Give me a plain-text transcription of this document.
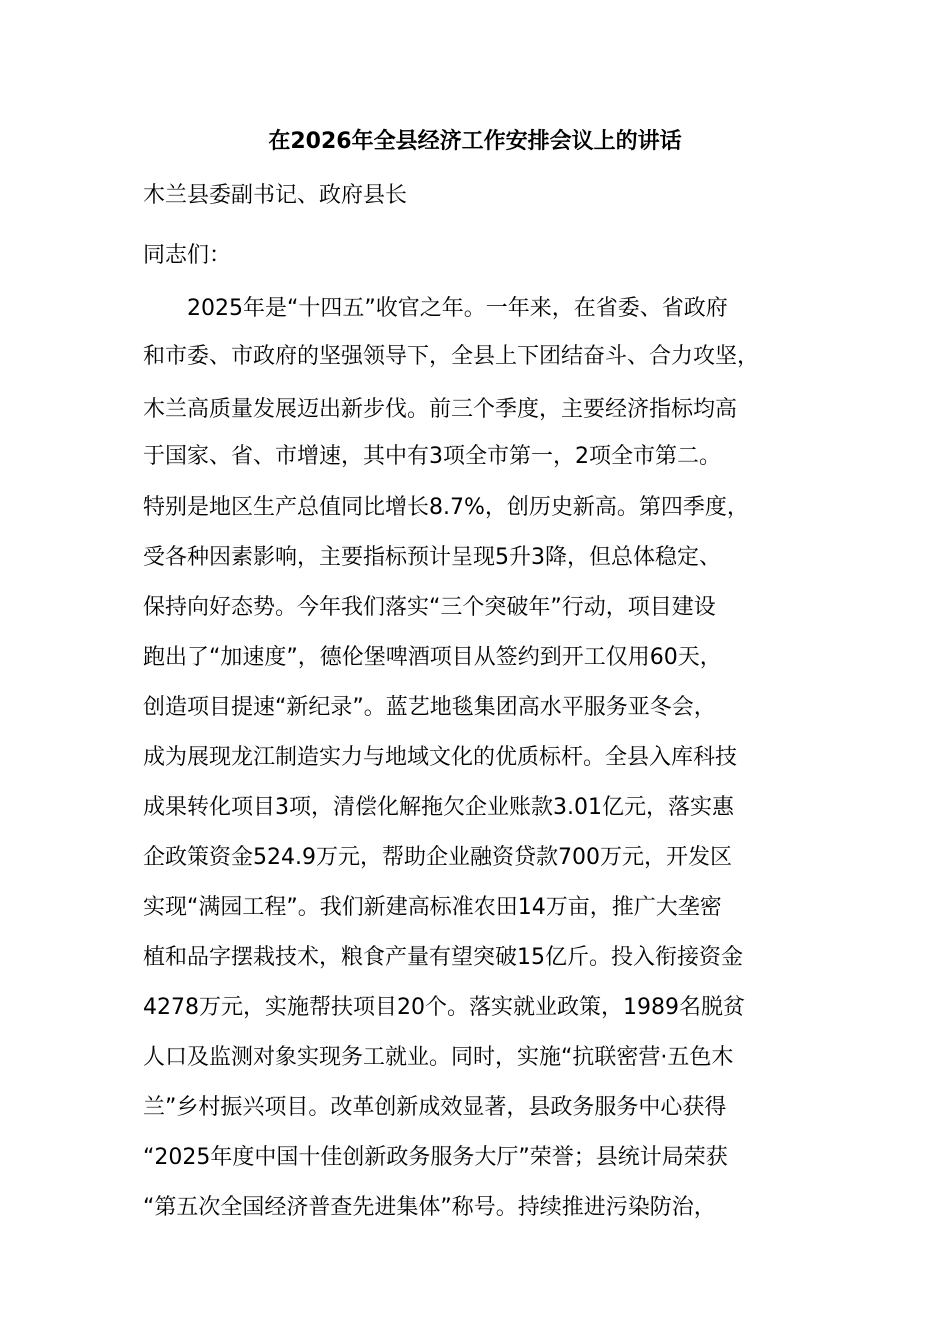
在2026年全县经济工作安排会议上的讲话
木兰县委副书记、政府县长
同志们：
　　2025年是“十四五”收官之年。一年来，在省委、省政府
和市委、市政府的坚强领导下，全县上下团结奋斗、合力攻坚，
木兰高质量发展迈出新步伐。前三个季度，主要经济指标均高
于国家、省、市增速，其中有3项全市第一，2项全市第二。
特别是地区生产总值同比增长8.7%，创历史新高。第四季度，
受各种因素影响，主要指标预计呈现5升3降，但总体稳定、
保持向好态势。今年我们落实“三个突破年”行动，项目建设
跑出了“加速度”，德伦堡啤酒项目从签约到开工仅用60天，
创造项目提速“新纪录”。蓝艺地毯集团高水平服务亚冬会，
成为展现龙江制造实力与地域文化的优质标杆。全县入库科技
成果转化项目3项，清偿化解拖欠企业账款3.01亿元，落实惠
企政策资金524.9万元，帮助企业融资贷款700万元，开发区
实现“满园工程”。我们新建高标准农田14万亩，推广大垄密
植和品字摆栽技术，粮食产量有望突破15亿斤。投入衔接资金
4278万元，实施帮扶项目20个。落实就业政策，1989名脱贫
人口及监测对象实现务工就业。同时，实施“抗联密营·五色木
兰”乡村振兴项目。改革创新成效显著，县政务服务中心获得
“2025年度中国十佳创新政务服务大厅”荣誉；县统计局荣获
“第五次全国经济普查先进集体”称号。持续推进污染防治，
